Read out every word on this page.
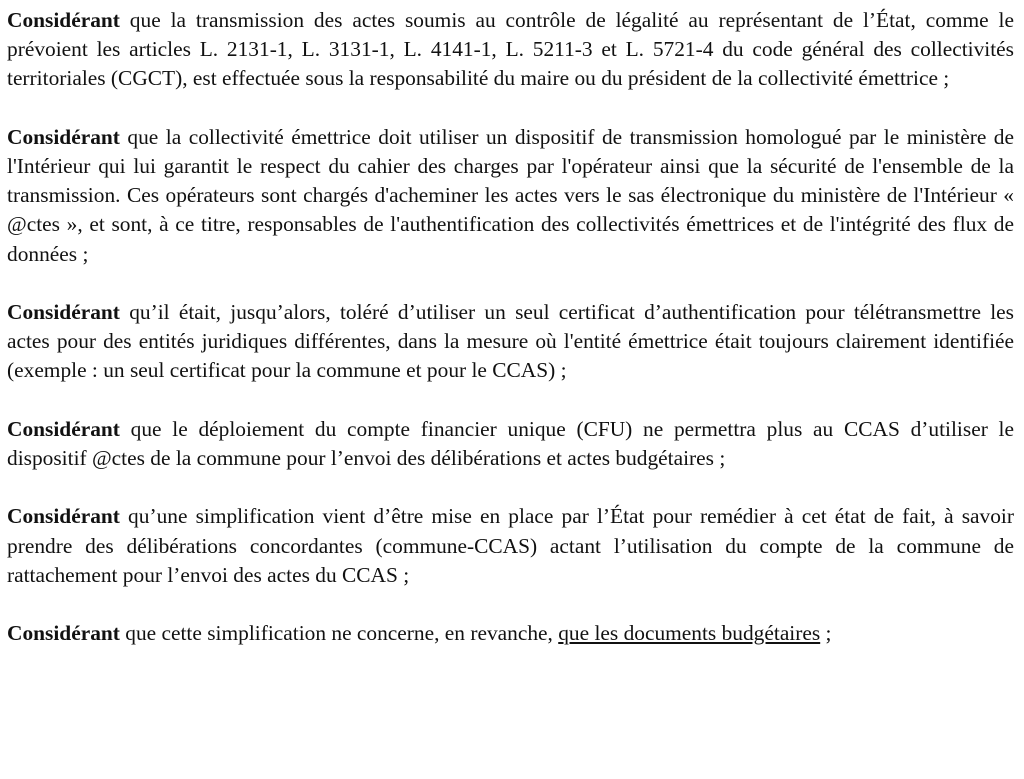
Considérant que la transmission des actes soumis au contrôle de légalité au représentant de l’État, comme le prévoient les articles L. 2131-1, L. 3131-1, L. 4141-1, L. 5211-3 et L. 5721-4 du code général des collectivités territoriales (CGCT), est effectuée sous la responsabilité du maire ou du président de la collectivité émettrice ;

Considérant que la collectivité émettrice doit utiliser un dispositif de transmission homologué par le ministère de l'Intérieur qui lui garantit le respect du cahier des charges par l'opérateur ainsi que la sécurité de l'ensemble de la transmission. Ces opérateurs sont chargés d'acheminer les actes vers le sas électronique du ministère de l'Intérieur « @ctes », et sont, à ce titre, responsables de l'authentification des collectivités émettrices et de l'intégrité des flux de données ;

Considérant qu’il était, jusqu’alors, toléré d’utiliser un seul certificat d’authentification pour télétransmettre les actes pour des entités juridiques différentes, dans la mesure où l'entité émettrice était toujours clairement identifiée (exemple : un seul certificat pour la commune et pour le CCAS) ;

Considérant que le déploiement du compte financier unique (CFU) ne permettra plus au CCAS d’utiliser le dispositif @ctes de la commune pour l’envoi des délibérations et actes budgétaires ;

Considérant qu’une simplification vient d’être mise en place par l’État pour remédier à cet état de fait, à savoir prendre des délibérations concordantes (commune-CCAS) actant l’utilisation du compte de la commune de rattachement pour l’envoi des actes du CCAS ;

Considérant que cette simplification ne concerne, en revanche, que les documents budgétaires ;
